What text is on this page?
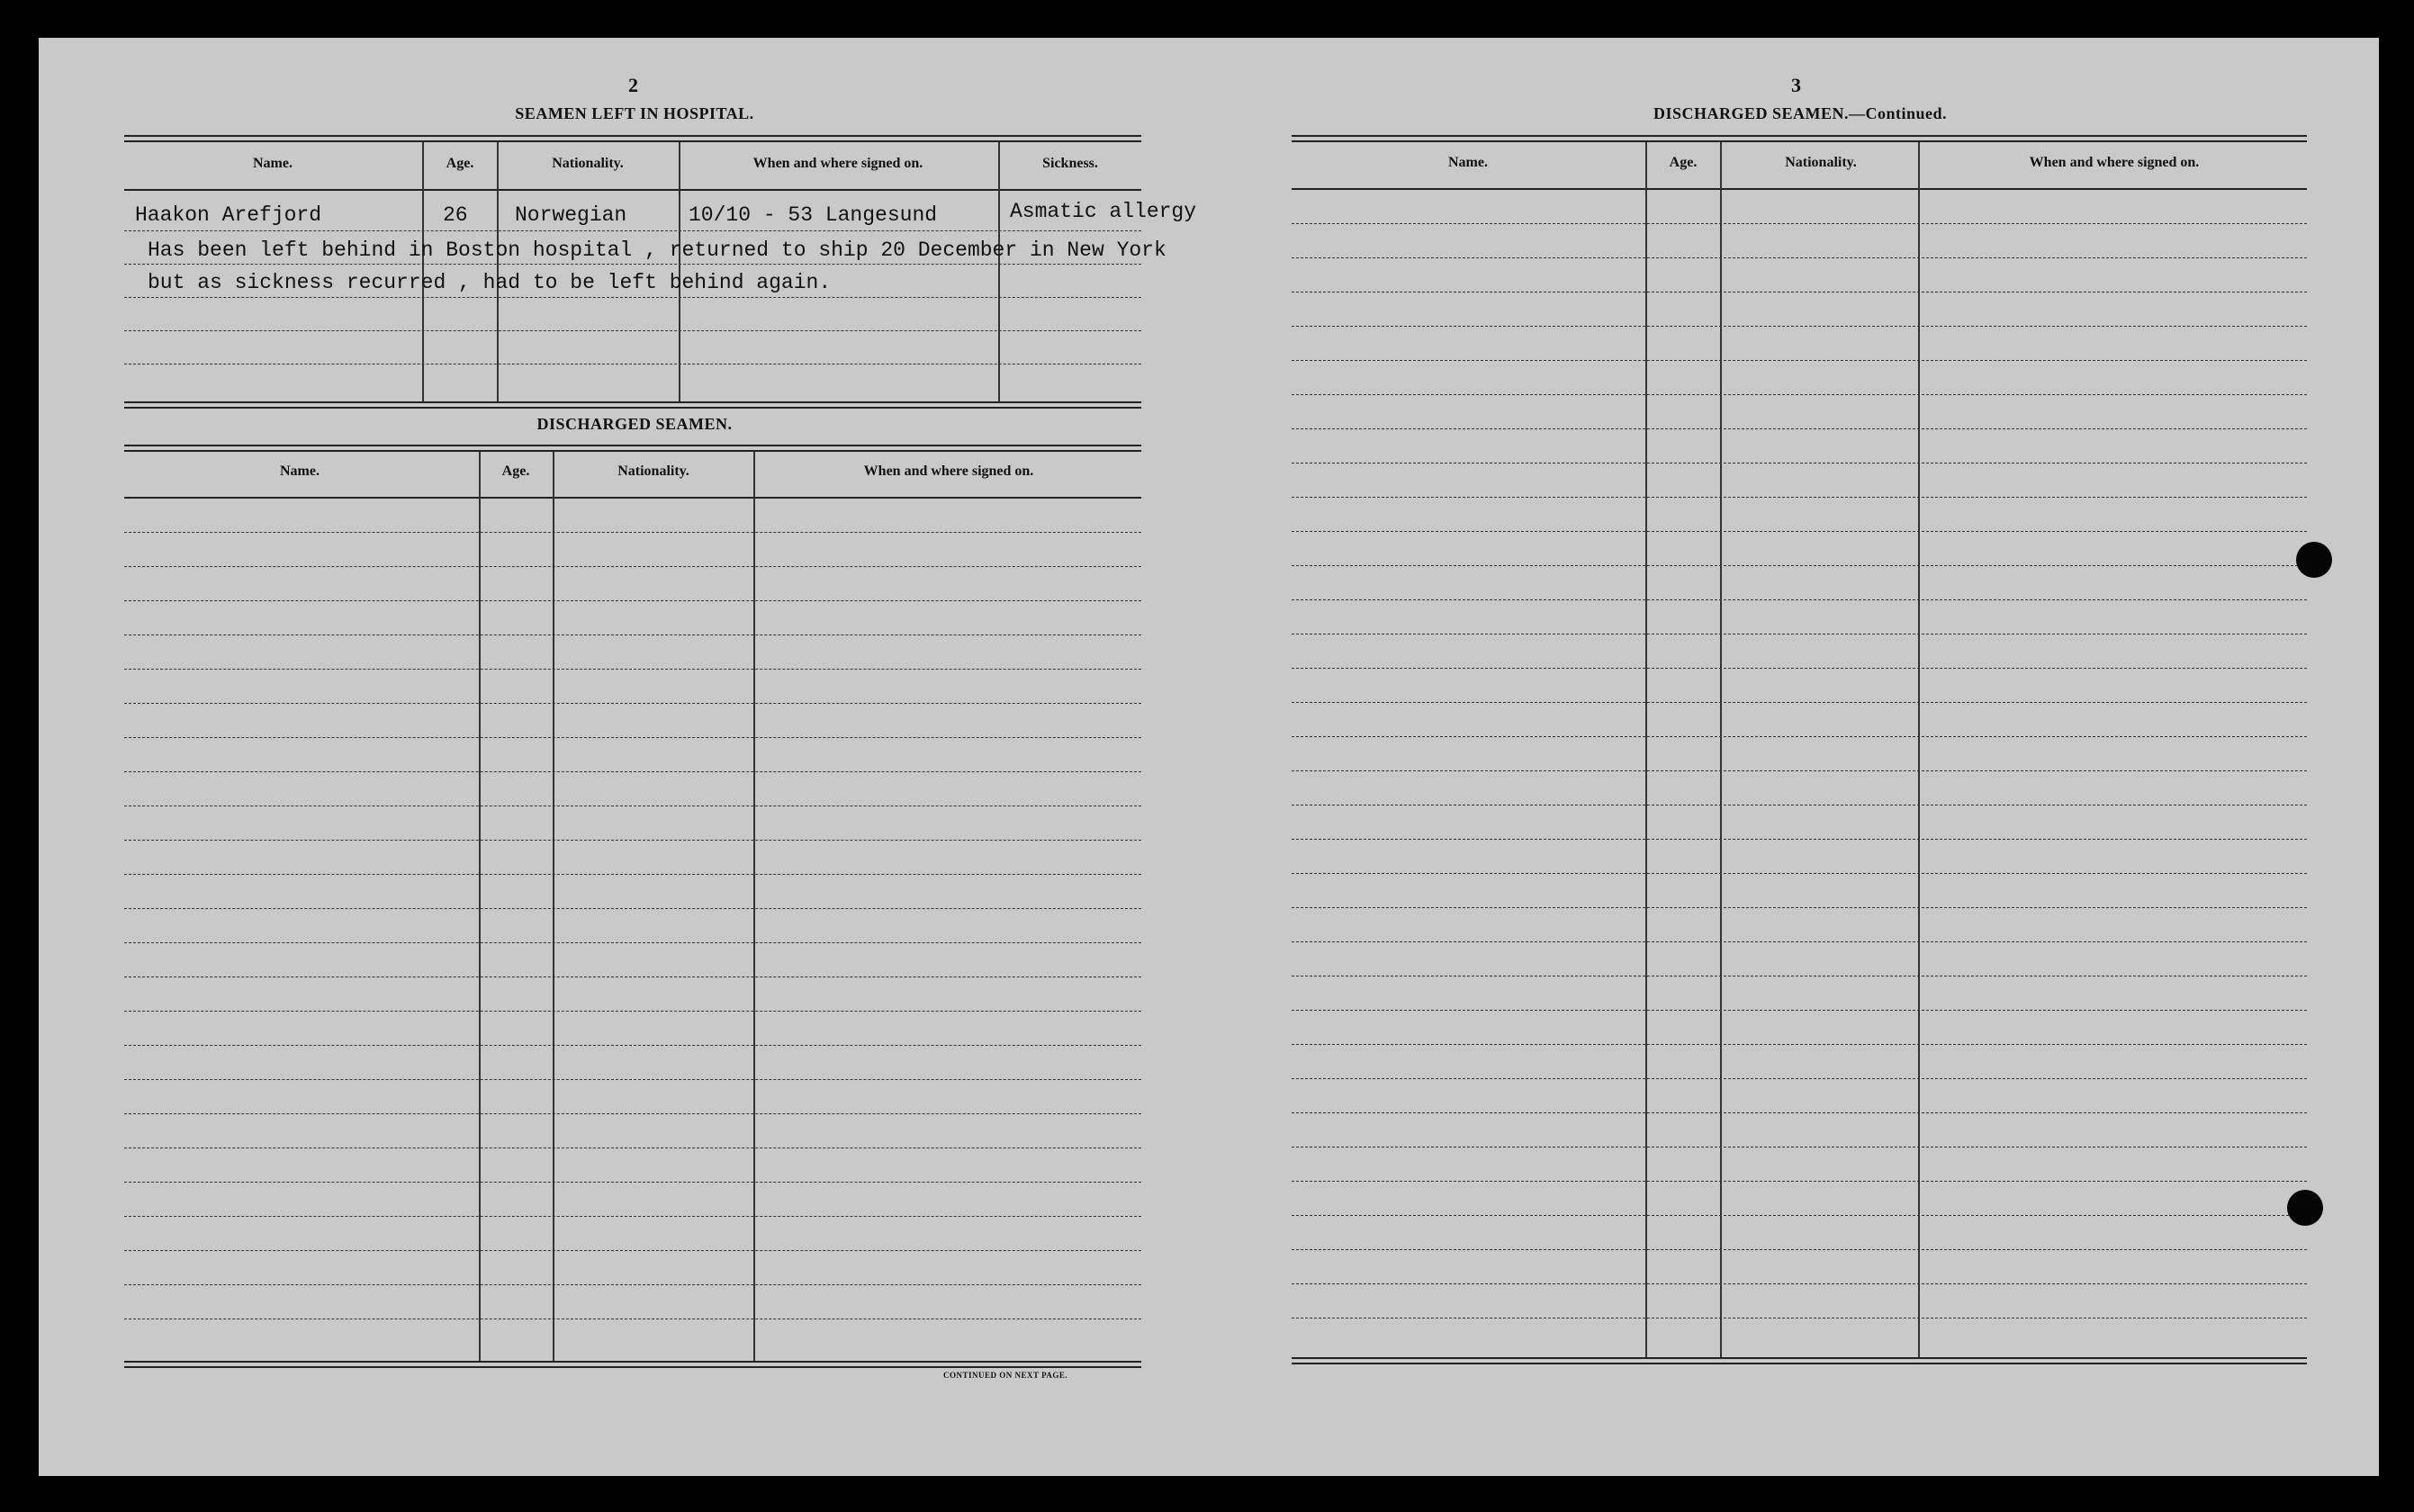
2
SEAMEN LEFT IN HOSPITAL.
Name.	Age.	Nationality.	When and where signed on.	Sickness.
Haakon Arefjord	26 Norwegian	10/10 - 53 Langesund	Asmatic allergy
Has been left behind in Boston hospital , returned to ship 20 December in New York
but as sickness recurred , had to be left behind again.
DISCHARGED SEAMEN.
Name.	Age.	Nationality.	When and where signed on.
CONTINUED ON NEXT PAGE.
3
DISCHARGED SEAMEN.—Continued.
Name.	Age.	Nationality.	When and where signed on.
